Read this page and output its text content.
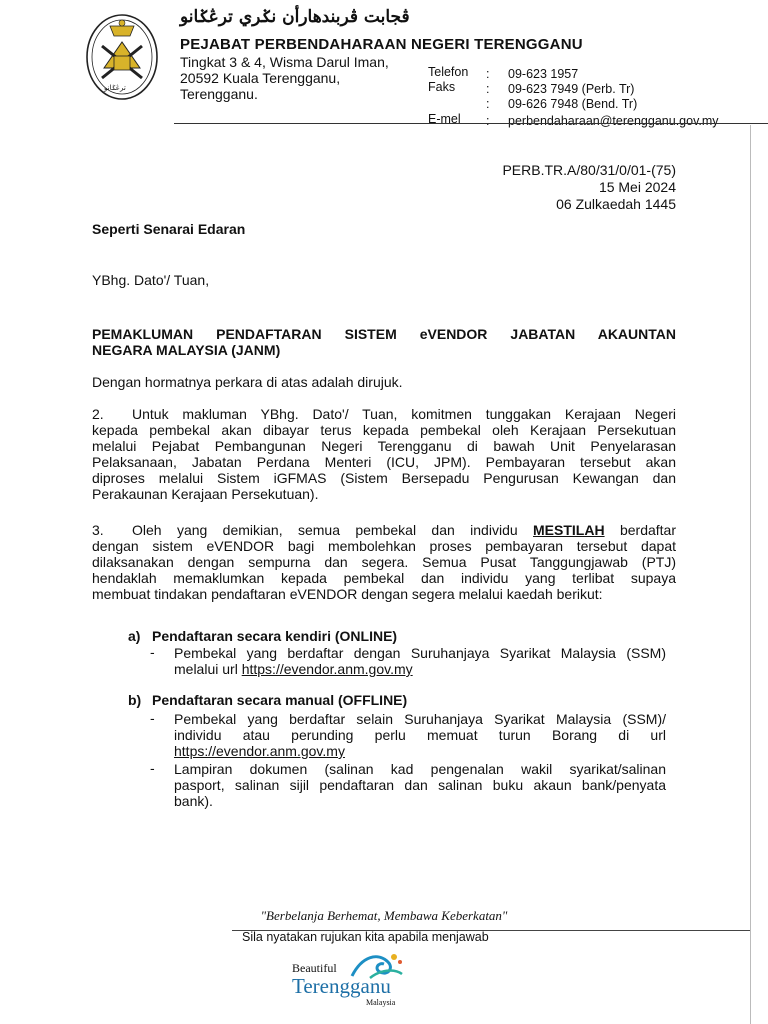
ترڠݢانو
ڤجابت ڤربندهارأن نݢري ترڠݢانو
PEJABAT PERBENDAHARAAN NEGERI TERENGGANU
Tingkat 3 & 4, Wisma Darul Iman,
20592 Kuala Terengganu,
Terengganu.
Telefon : 09-623 1957
Faks : 09-623 7949 (Perb. Tr)
: 09-626 7948 (Bend. Tr)
E-mel : perbendaharaan@terengganu.gov.my
PERB.TR.A/80/31/0/01-(75)
15 Mei 2024
06 Zulkaedah 1445
Seperti Senarai Edaran
YBhg. Dato'/ Tuan,
PEMAKLUMAN PENDAFTARAN SISTEM eVENDOR JABATAN AKAUNTAN
NEGARA MALAYSIA (JANM)
Dengan hormatnya perkara di atas adalah dirujuk.
2. Untuk makluman YBhg. Dato'/ Tuan, komitmen tunggakan Kerajaan Negeri
kepada pembekal akan dibayar terus kepada pembekal oleh Kerajaan Persekutuan
melalui Pejabat Pembangunan Negeri Terengganu di bawah Unit Penyelarasan
Pelaksanaan, Jabatan Perdana Menteri (ICU, JPM). Pembayaran tersebut akan
diproses melalui Sistem iGFMAS (Sistem Bersepadu Pengurusan Kewangan dan
Perakaunan Kerajaan Persekutuan).
3. Oleh yang demikian, semua pembekal dan individu MESTILAH berdaftar
dengan sistem eVENDOR bagi membolehkan proses pembayaran tersebut dapat
dilaksanakan dengan sempurna dan segera. Semua Pusat Tanggungjawab (PTJ)
hendaklah memaklumkan kepada pembekal dan individu yang terlibat supaya
membuat tindakan pendaftaran eVENDOR dengan segera melalui kaedah berikut:
a) Pendaftaran secara kendiri (ONLINE)
- Pembekal yang berdaftar dengan Suruhanjaya Syarikat Malaysia (SSM)
melalui url https://evendor.anm.gov.my
b) Pendaftaran secara manual (OFFLINE)
- Pembekal yang berdaftar selain Suruhanjaya Syarikat Malaysia (SSM)/
individu atau perunding perlu memuat turun Borang di url
https://evendor.anm.gov.my
- Lampiran dokumen (salinan kad pengenalan wakil syarikat/salinan
pasport, salinan sijil pendaftaran dan salinan buku akaun bank/penyata
bank).
"Berbelanja Berhemat, Membawa Keberkatan"
Sila nyatakan rujukan kita apabila menjawab
Beautiful
Terengganu
Malaysia
